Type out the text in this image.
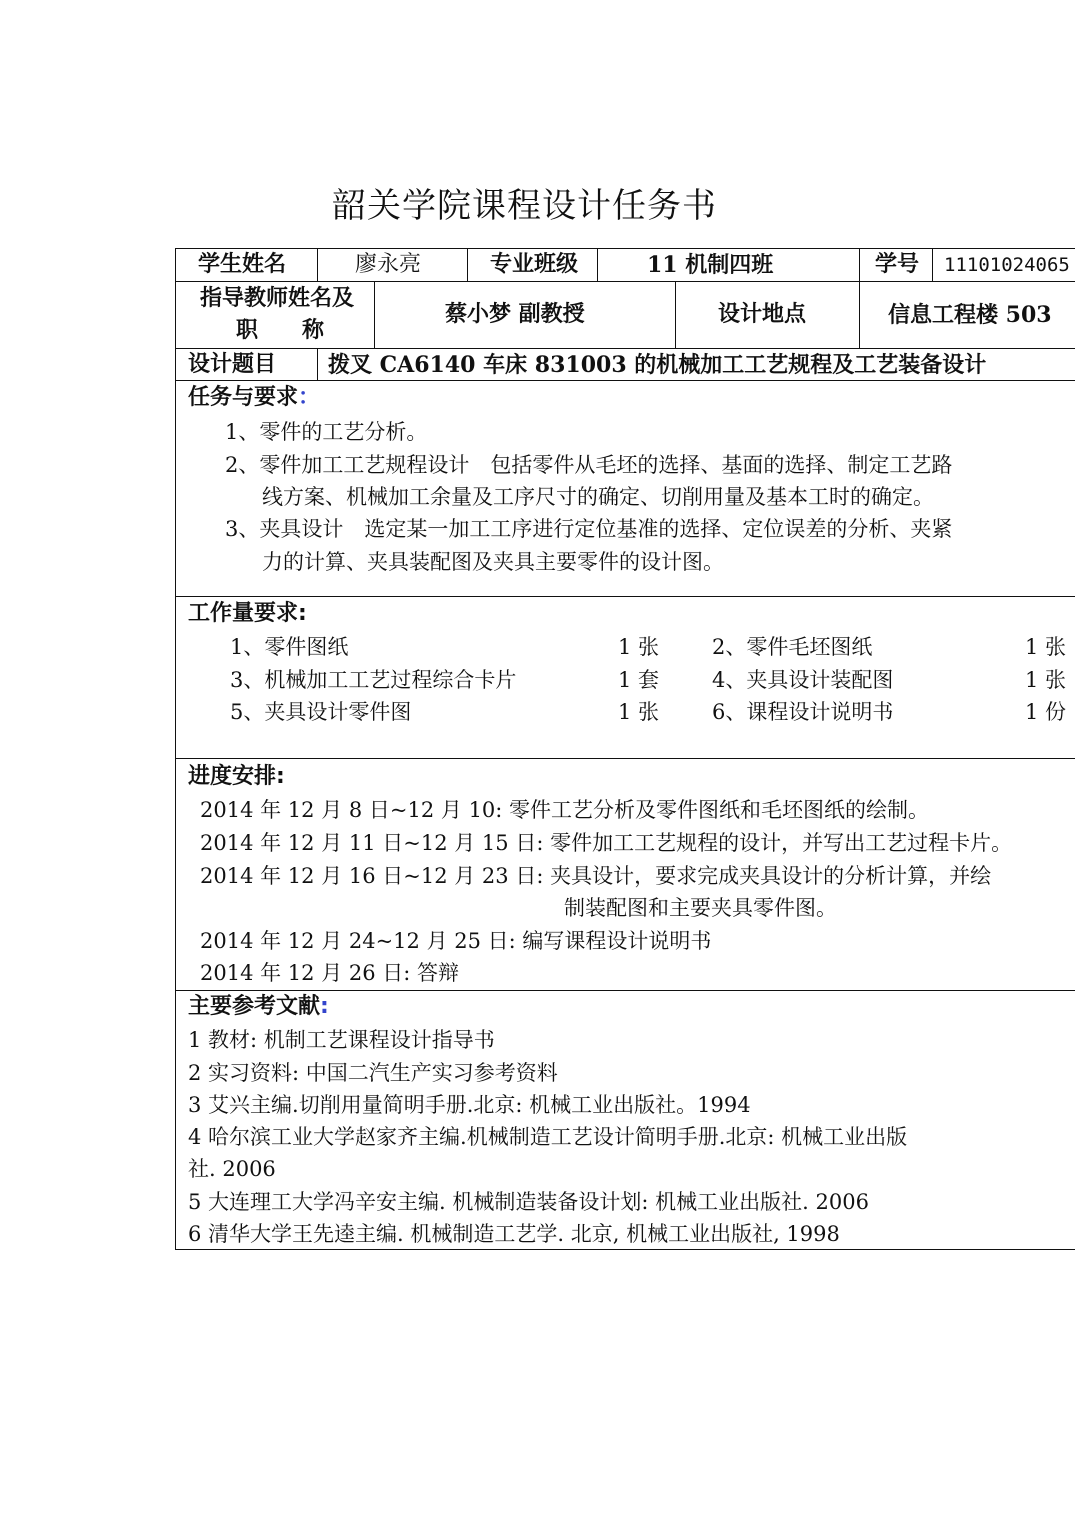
韶关学院课程设计任务书
学生姓名	廖永亮	专业班级	11 机制四班	学号 11101024065
指导教师姓名及
职　　称
蔡小梦 副教授	设计地点	信息工程楼 503
设计题目 拨叉 CA6140 车床 831003 的机械加工工艺规程及工艺装备设计
任务与要求：
1、零件的工艺分析。
2、零件加工工艺规程设计　包括零件从毛坯的选择、基面的选择、制定工艺路
线方案、机械加工余量及工序尺寸的确定、切削用量及基本工时的确定。
3、夹具设计　选定某一加工工序进行定位基准的选择、定位误差的分析、夹紧
力的计算、夹具装配图及夹具主要零件的设计图。
工作量要求:
1、零件图纸	1 张	2、零件毛坯图纸	1 张
3、机械加工工艺过程综合卡片	1 套	4、夹具设计装配图	1 张
5、夹具设计零件图	1 张	6、课程设计说明书	1 份
进度安排:
2014 年 12 月 8 日~12 月 10: 零件工艺分析及零件图纸和毛坯图纸的绘制。
2014 年 12 月 11 日~12 月 15 日: 零件加工工艺规程的设计，并写出工艺过程卡片。
2014 年 12 月 16 日~12 月 23 日: 夹具设计，要求完成夹具设计的分析计算，并绘
制装配图和主要夹具零件图。
2014 年 12 月 24~12 月 25 日: 编写课程设计说明书
2014 年 12 月 26 日: 答辩
主要参考文献:
1 教材: 机制工艺课程设计指导书
2 实习资料: 中国二汽生产实习参考资料
3 艾兴主编.切削用量简明手册.北京: 机械工业出版社。1994
4 哈尔滨工业大学赵家齐主编.机械制造工艺设计简明手册.北京: 机械工业出版
社. 2006
5 大连理工大学冯辛安主编. 机械制造装备设计划: 机械工业出版社. 2006
6 清华大学王先逵主编. 机械制造工艺学. 北京, 机械工业出版社, 1998
